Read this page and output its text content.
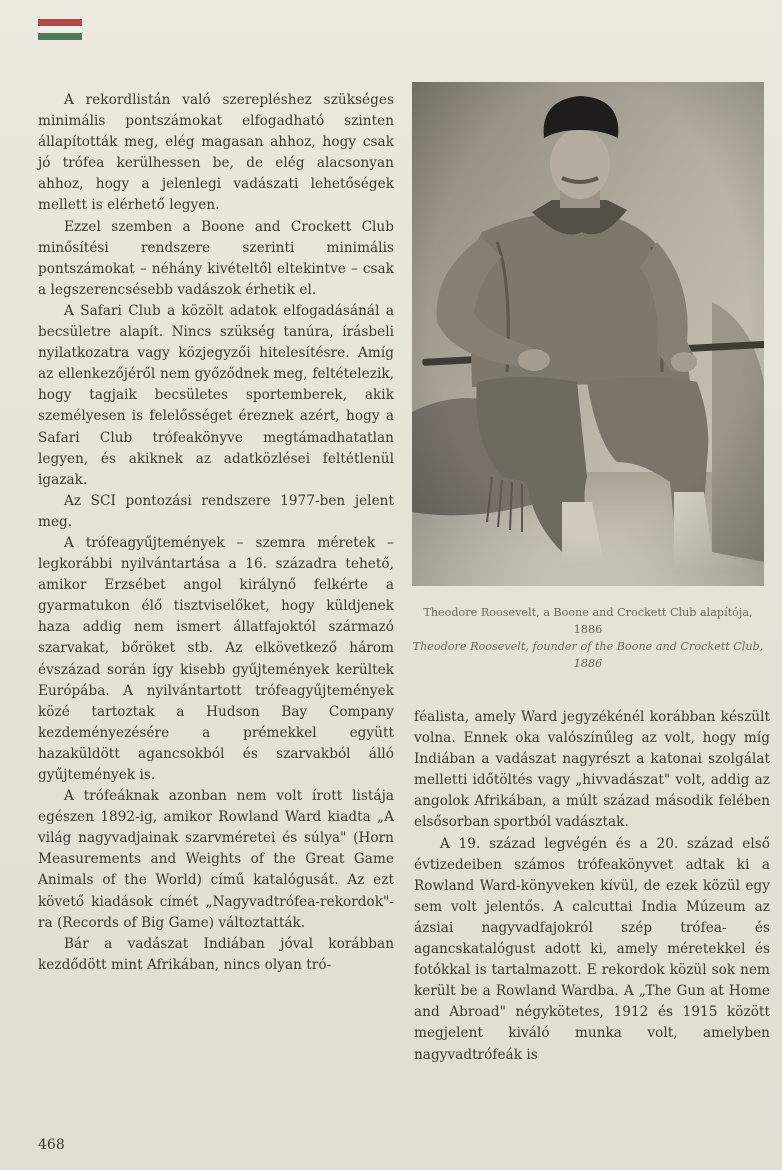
A rekordlistán való szerepléshez szükséges minimális pontszámokat elfogadható szinten állapították meg, elég magasan ahhoz, hogy csak jó trófea kerülhessen be, de elég alacsonyan ahhoz, hogy a jelenlegi vadászati lehetőségek mellett is elérhető legyen.

Ezzel szemben a Boone and Crockett Club minősítési rendszere szerinti minimális pontszámokat – néhány kivételtől eltekintve – csak a legszerencsésebb vadászok érhetik el.

A Safari Club a közölt adatok elfogadásánál a becsületre alapít. Nincs szükség tanúra, írásbeli nyilatkozatra vagy közjegyzői hitelesítésre. Amíg az ellenkezőjéről nem győződnek meg, feltételezik, hogy tagjaik becsületes sportemberek, akik személyesen is felelősséget éreznek azért, hogy a Safari Club trófeakönyve megtámadhatatlan legyen, és akiknek az adatközlései feltétlenül igazak.

Az SCI pontozási rendszere 1977-ben jelent meg.

A trófeagyűjtemények – szemra méretek – legkorábbi nyilvántartása a 16. századra tehető, amikor Erzsébet angol királynő felkérte a gyarmatukon élő tisztviselőket, hogy küldjenek haza addig nem ismert állatfajoktól származó szarvakat, bőröket stb. Az elkövetkező három évszázad során így kisebb gyűjtemények kerültek Európába. A nyilvántartott trófeagyűjtemények közé tartoztak a Hudson Bay Company kezdeményezésére a prémekkel együtt hazaküldött agancsokból és szarvakból álló gyűjtemények is.

A trófeáknak azonban nem volt írott listája egészen 1892-ig, amikor Rowland Ward kiadta „A világ nagyvadjainak szarvméretei és súlya" (Horn Measurements and Weights of the Great Game Animals of the World) című katalógusát. Az ezt követő kiadások címét „Nagyvadtrófea-rekordok"-ra (Records of Big Game) változtatták.

Bár a vadászat Indiában jóval korábban kezdődött mint Afrikában, nincs olyan tró-

Theodore Roosevelt, a Boone and Crockett Club alapítója, 1886
Theodore Roosevelt, founder of the Boone and Crockett Club, 1886

féalista, amely Ward jegyzékénél korábban készült volna. Ennek oka valószínűleg az volt, hogy míg Indiában a vadászat nagyrészt a katonai szolgálat melletti időtöltés vagy „hivvadászat" volt, addig az angolok Afrikában, a múlt század második felében elsősorban sportból vadásztak.

A 19. század legvégén és a 20. század első évtizedeiben számos trófeakönyvet adtak ki a Rowland Ward-könyveken kívül, de ezek közül egy sem volt jelentős. A calcuttai India Múzeum az ázsiai nagyvadfajokról szép trófea- és agancskatalógust adott ki, amely méretekkel és fotókkal is tartalmazott. E rekordok közül sok nem került be a Rowland Wardba. A „The Gun at Home and Abroad" négykötetes, 1912 és 1915 között megjelent kiváló munka volt, amelyben nagyvadtrófeák is

468
